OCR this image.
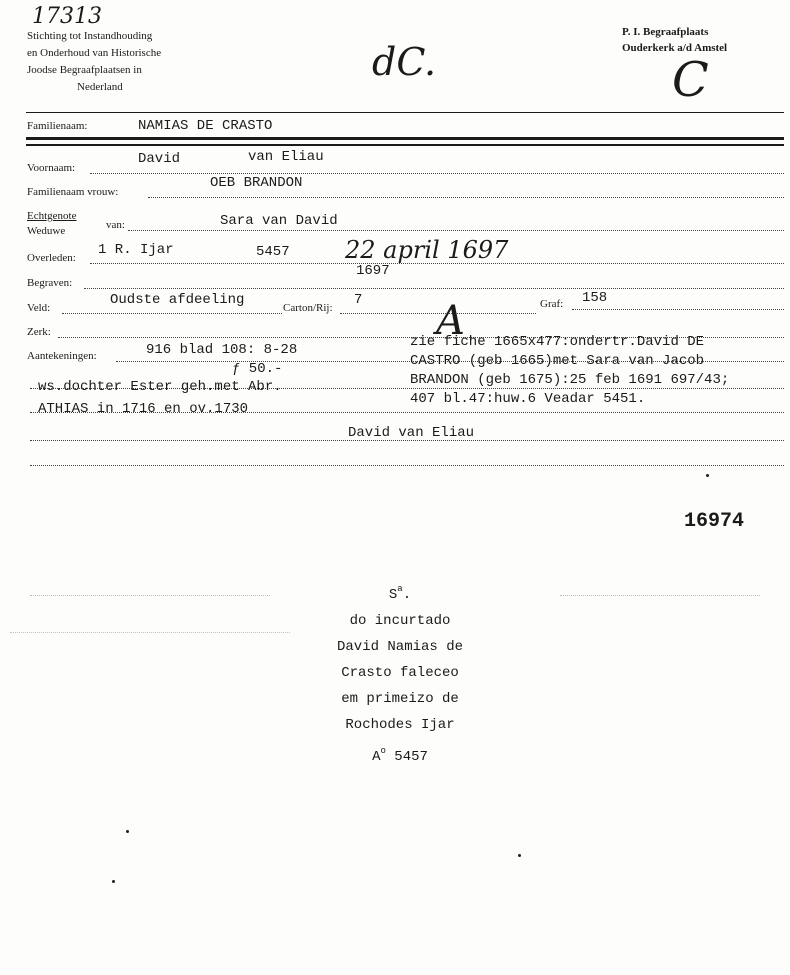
17313
Stichting tot Instandhouding
en Onderhoud van Historische
Joodse Begraafplaatsen in
Nederland
dC.
P. I. Begraafplaats
Ouderkerk a/d Amstel
C
Familienaam:	NAMIAS DE CRASTO
Voornaam:
David	van Eliau
Familienaam vrouw:
OEB BRANDON
Echtgenote
Weduwe	van:	Sara van David
Overleden: 1 R. Ijar	5457 22 april 1697
1697
Begraven:
Veld:	Oudste afdeeling	Carton/Rij: 7	Graf: 158
Zerk:
Aantekeningen:	916 blad 108: 8-28
ƒ 50.-
ws.dochter Ester geh.met Abr.
ATHIAS in 1716 en ov.1730
A
zie fiche 1665x477:ondertr.David DE
CASTRO (geb 1665)met Sara van Jacob
BRANDON (geb 1675):25 feb 1691 697/43;
407 bl.47:huw.6 Veadar 5451.
David van Eliau
16974
$S^a$.
do incurtado
David Namias de
Crasto faleceo
em primeizo de
Rochodes Ijar
$A^o$ 5457
